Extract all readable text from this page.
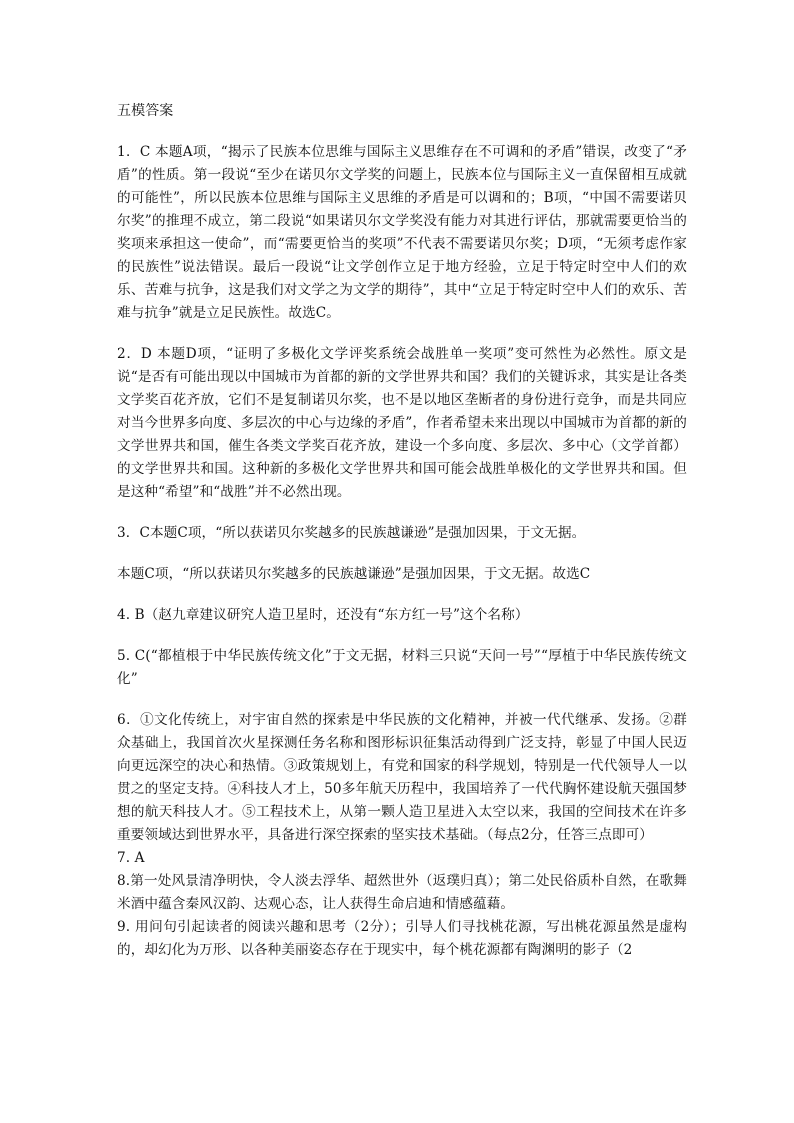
五模答案
1．C 本题A项，“揭示了民族本位思维与国际主义思维存在不可调和的矛盾”错误，改变了“矛盾”的性质。第一段说“至少在诺贝尔文学奖的问题上，民族本位与国际主义一直保留相互成就的可能性”，所以民族本位思维与国际主义思维的矛盾是可以调和的；B项，“中国不需要诺贝尔奖”的推理不成立，第二段说“如果诺贝尔文学奖没有能力对其进行评估，那就需要更恰当的奖项来承担这一使命”，而“需要更恰当的奖项”不代表不需要诺贝尔奖；D项，“无须考虑作家的民族性”说法错误。最后一段说“让文学创作立足于地方经验，立足于特定时空中人们的欢乐、苦难与抗争，这是我们对文学之为文学的期待”，其中“立足于特定时空中人们的欢乐、苦难与抗争”就是立足民族性。故选C。
2．D 本题D项，“证明了多极化文学评奖系统会战胜单一奖项”变可然性为必然性。原文是说“是否有可能出现以中国城市为首都的新的文学世界共和国？我们的关键诉求，其实是让各类文学奖百花齐放，它们不是复制诺贝尔奖，也不是以地区垄断者的身份进行竞争，而是共同应对当今世界多向度、多层次的中心与边缘的矛盾”，作者希望未来出现以中国城市为首都的新的文学世界共和国，催生各类文学奖百花齐放，建设一个多向度、多层次、多中心（文学首都）的文学世界共和国。这种新的多极化文学世界共和国可能会战胜单极化的文学世界共和国。但是这种“希望”和“战胜”并不必然出现。
3．C本题C项，“所以获诺贝尔奖越多的民族越谦逊”是强加因果，于文无据。
本题C项，“所以获诺贝尔奖越多的民族越谦逊”是强加因果，于文无据。故选C
4. B（赵九章建议研究人造卫星时，还没有“东方红一号”这个名称）
5. C(“都植根于中华民族传统文化”于文无据，材料三只说“天问一号”“厚植于中华民族传统文化”
6．①文化传统上，对宇宙自然的探索是中华民族的文化精神，并被一代代继承、发扬。②群众基础上，我国首次火星探测任务名称和图形标识征集活动得到广泛支持，彰显了中国人民迈向更远深空的决心和热情。③政策规划上，有党和国家的科学规划，特别是一代代领导人一以贯之的坚定支持。④科技人才上，50多年航天历程中，我国培养了一代代胸怀建设航天强国梦想的航天科技人才。⑤工程技术上，从第一颗人造卫星进入太空以来，我国的空间技术在许多重要领域达到世界水平，具备进行深空探索的坚实技术基础。（每点2分，任答三点即可）
7. A
8.第一处风景清净明快，令人淡去浮华、超然世外（返璞归真）；第二处民俗质朴自然，在歌舞米酒中蕴含秦风汉韵、达观心态，让人获得生命启迪和情感蕴藉。
9. 用问句引起读者的阅读兴趣和思考（2分）；引导人们寻找桃花源，写出桃花源虽然是虚构的，却幻化为万形、以各种美丽姿态存在于现实中，每个桃花源都有陶渊明的影子（2
